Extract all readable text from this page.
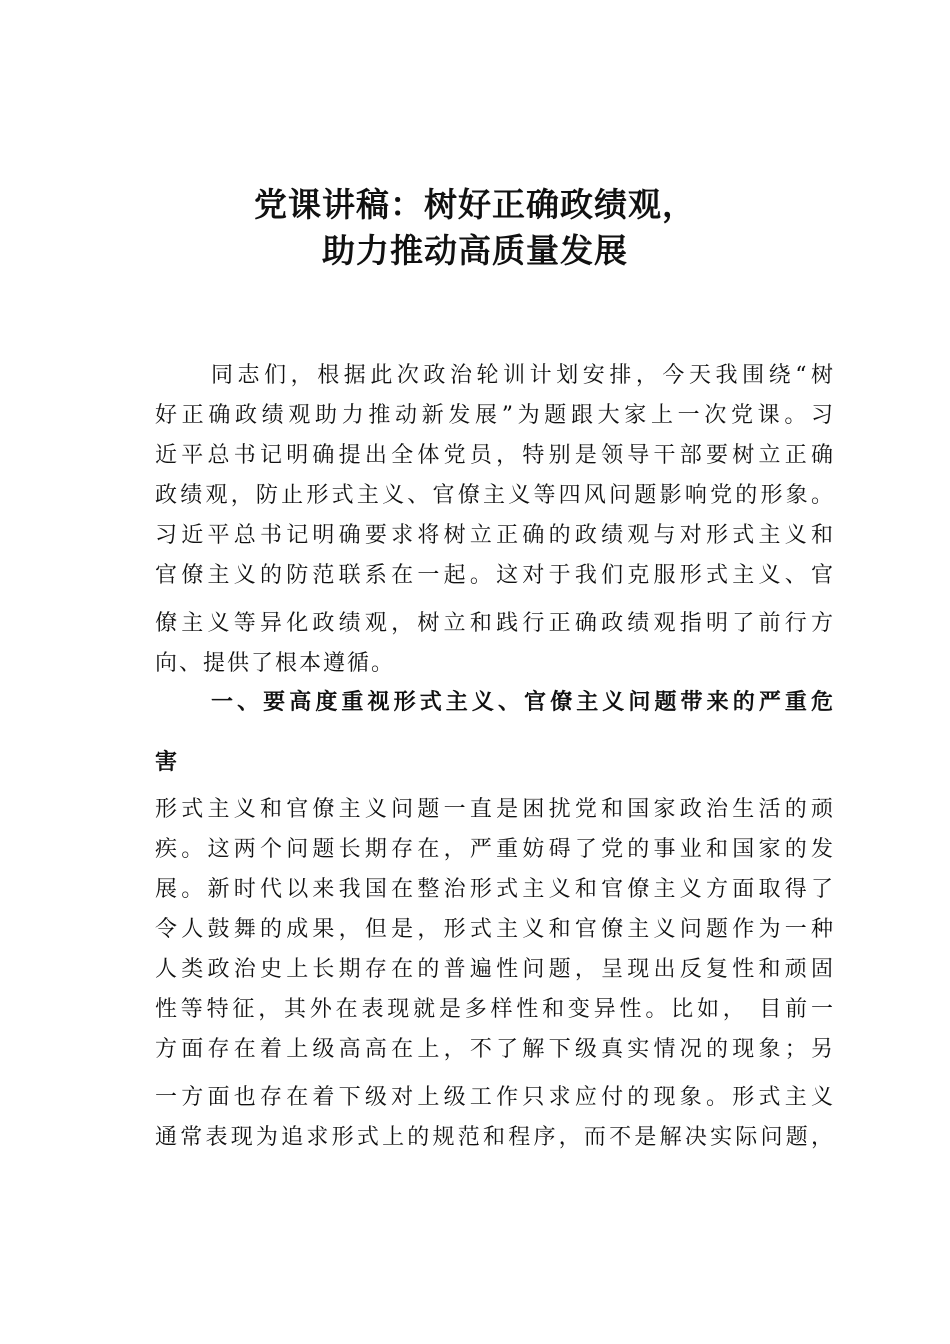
党课讲稿：树好正确政绩观，
助力推动高质量发展
同志们，根据此次政治轮训计划安排，今天我围绕“树
好正确政绩观助力推动新发展”为题跟大家上一次党课。习
近平总书记明确提出全体党员，特别是领导干部要树立正确
政绩观，防止形式主义、官僚主义等四风问题影响党的形象。
习近平总书记明确要求将树立正确的政绩观与对形式主义和
官僚主义的防范联系在一起。这对于我们克服形式主义、官
僚主义等异化政绩观，树立和践行正确政绩观指明了前行方
向、提供了根本遵循。
一、要高度重视形式主义、官僚主义问题带来的严重危
害
形式主义和官僚主义问题一直是困扰党和国家政治生活的顽
疾。这两个问题长期存在，严重妨碍了党的事业和国家的发
展。新时代以来我国在整治形式主义和官僚主义方面取得了
令人鼓舞的成果，但是，形式主义和官僚主义问题作为一种
人类政治史上长期存在的普遍性问题，呈现出反复性和顽固
性等特征，其外在表现就是多样性和变异性。比如， 目前一
方面存在着上级高高在上，不了解下级真实情况的现象；另
一方面也存在着下级对上级工作只求应付的现象。形式主义
通常表现为追求形式上的规范和程序，而不是解决实际问题，
